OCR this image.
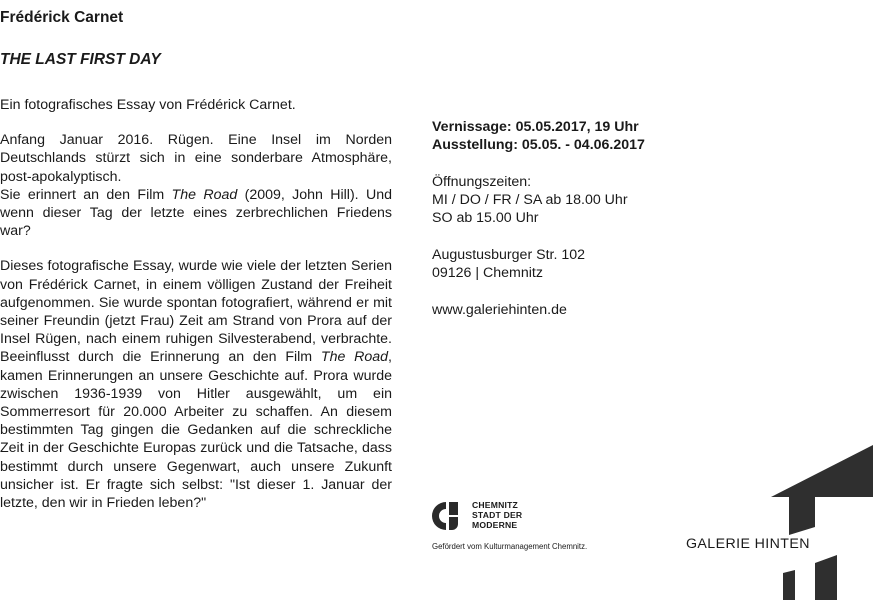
Frédérick Carnet
THE LAST FIRST DAY

Ein fotografisches Essay von Frédérick Carnet.

Anfang Januar 2016. Rügen. Eine Insel im Norden Deutschlands stürzt sich in eine sonderbare Atmosphäre, post-apokalyptisch.
Sie erinnert an den Film The Road (2009, John Hill). Und wenn dieser Tag der letzte eines zerbrechlichen Friedens war?

Dieses fotografische Essay, wurde wie viele der letzten Serien von Frédérick Carnet, in einem völligen Zustand der Freiheit aufgenommen. Sie wurde spontan fotografiert, während er mit seiner Freundin (jetzt Frau) Zeit am Strand von Prora auf der Insel Rügen, nach einem ruhigen Silvesterabend, verbrachte. Beeinflusst durch die Erinnerung an den Film The Road, kamen Erinnerungen an unsere Geschichte auf. Prora wurde zwischen 1936-1939 von Hitler ausgewählt, um ein Sommerresort für 20.000 Arbeiter zu schaffen. An diesem bestimmten Tag gingen die Gedanken auf die schreckliche Zeit in der Geschichte Europas zurück und die Tatsache, dass bestimmt durch unsere Gegenwart, auch unsere Zukunft unsicher ist. Er fragte sich selbst: "Ist dieser 1. Januar der letzte, den wir in Frieden leben?"

Vernissage: 05.05.2017, 19 Uhr
Ausstellung: 05.05. - 04.06.2017

Öffnungszeiten:
MI / DO / FR / SA ab 18.00 Uhr
SO ab 15.00 Uhr

Augustusburger Str. 102
09126 | Chemnitz

www.galeriehinten.de

CHEMNITZ
STADT DER
MODERNE
Gefördert vom Kulturmanagement Chemnitz.	GALERIE HINTEN
